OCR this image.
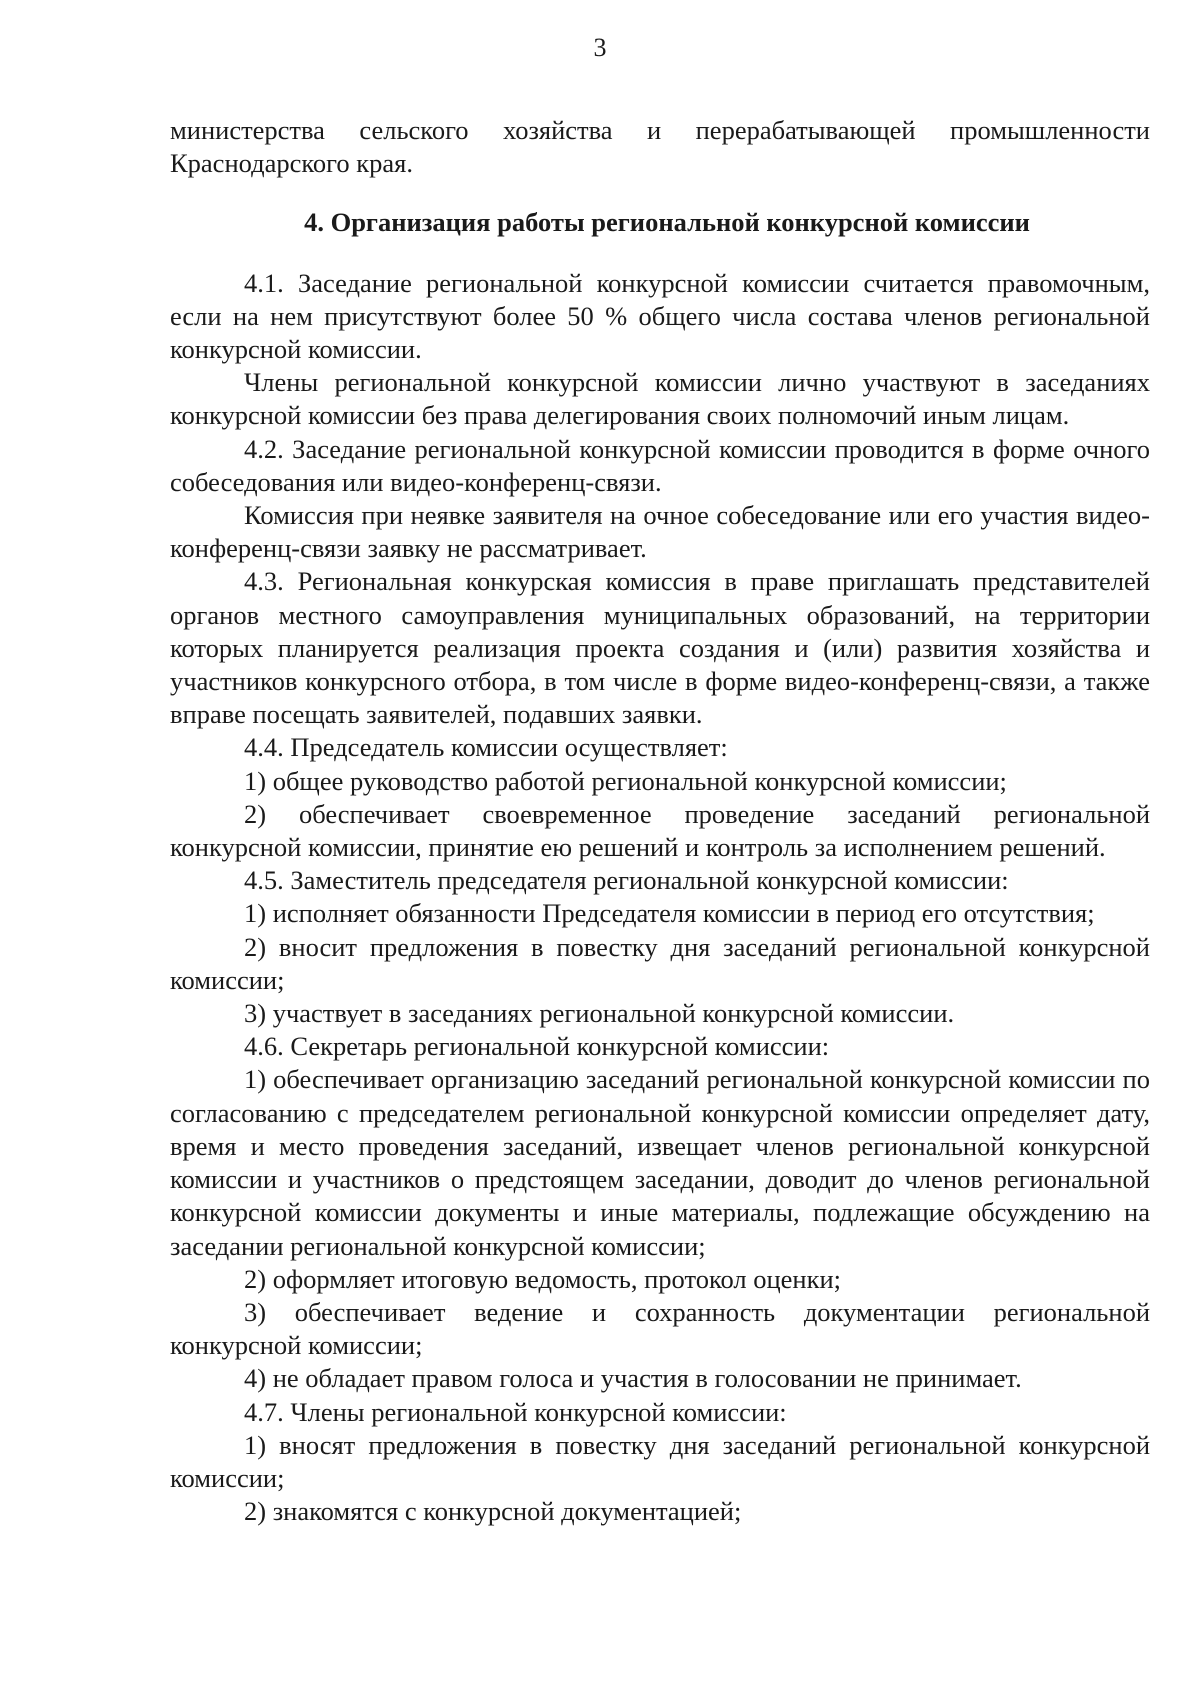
3

министерства сельского хозяйства и перерабатывающей промышленности Краснодарского края.

4. Организация работы региональной конкурсной комиссии

4.1. Заседание региональной конкурсной комиссии считается правомочным, если на нем присутствуют более 50 % общего числа состава членов региональной конкурсной комиссии.

Члены региональной конкурсной комиссии лично участвуют в заседаниях конкурсной комиссии без права делегирования своих полномочий иным лицам.

4.2. Заседание региональной конкурсной комиссии проводится в форме очного собеседования или видео-конференц-связи.

Комиссия при неявке заявителя на очное собеседование или его участия видео-конференц-связи заявку не рассматривает.

4.3. Региональная конкурская комиссия в праве приглашать представителей органов местного самоуправления муниципальных образований, на территории которых планируется реализация проекта создания и (или) развития хозяйства и участников конкурсного отбора, в том числе в форме видео-конференц-связи, а также вправе посещать заявителей, подавших заявки.

4.4. Председатель комиссии осуществляет:

1) общее руководство работой региональной конкурсной комиссии;

2) обеспечивает своевременное проведение заседаний региональной конкурсной комиссии, принятие ею решений и контроль за исполнением решений.

4.5. Заместитель председателя региональной конкурсной комиссии:

1) исполняет обязанности Председателя комиссии в период его отсутствия;

2) вносит предложения в повестку дня заседаний региональной конкурсной комиссии;

3) участвует в заседаниях региональной конкурсной комиссии.

4.6. Секретарь региональной конкурсной комиссии:

1) обеспечивает организацию заседаний региональной конкурсной комиссии по согласованию с председателем региональной конкурсной комиссии определяет дату, время и место проведения заседаний, извещает членов региональной конкурсной комиссии и участников о предстоящем заседании, доводит до членов региональной конкурсной комиссии документы и иные материалы, подлежащие обсуждению на заседании региональной конкурсной комиссии;

2) оформляет итоговую ведомость, протокол оценки;

3) обеспечивает ведение и сохранность документации региональной конкурсной комиссии;

4) не обладает правом голоса и участия в голосовании не принимает.

4.7. Члены региональной конкурсной комиссии:

1) вносят предложения в повестку дня заседаний региональной конкурсной комиссии;

2) знакомятся с конкурсной документацией;
